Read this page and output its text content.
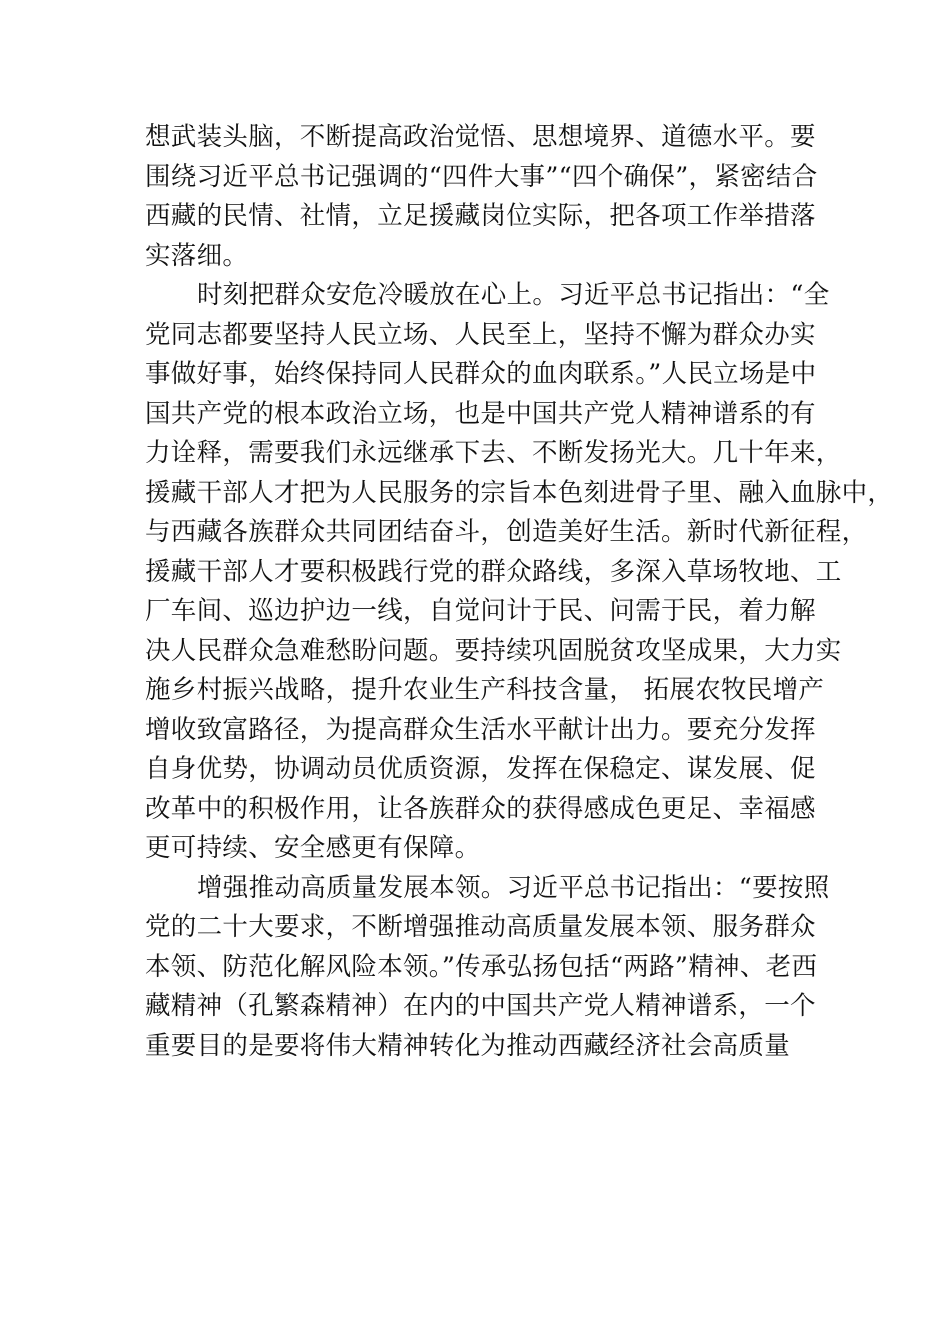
想武装头脑，不断提高政治觉悟、思想境界、道德水平。要
围绕习近平总书记强调的“四件大事”“四个确保”，紧密结合
西藏的民情、社情，立足援藏岗位实际，把各项工作举措落
实落细。
时刻把群众安危冷暖放在心上。习近平总书记指出：“全
党同志都要坚持人民立场、人民至上，坚持不懈为群众办实
事做好事，始终保持同人民群众的血肉联系。”人民立场是中
国共产党的根本政治立场，也是中国共产党人精神谱系的有
力诠释，需要我们永远继承下去、不断发扬光大。几十年来，
援藏干部人才把为人民服务的宗旨本色刻进骨子里、融入血脉中，
与西藏各族群众共同团结奋斗，创造美好生活。新时代新征程，
援藏干部人才要积极践行党的群众路线，多深入草场牧地、工
厂车间、巡边护边一线，自觉问计于民、问需于民，着力解
决人民群众急难愁盼问题。要持续巩固脱贫攻坚成果，大力实
施乡村振兴战略，提升农业生产科技含量， 拓展农牧民增产
增收致富路径，为提高群众生活水平献计出力。要充分发挥
自身优势，协调动员优质资源，发挥在保稳定、谋发展、促
改革中的积极作用，让各族群众的获得感成色更足、幸福感
更可持续、安全感更有保障。
增强推动高质量发展本领。习近平总书记指出：“要按照
党的二十大要求，不断增强推动高质量发展本领、服务群众
本领、防范化解风险本领。”传承弘扬包括“两路”精神、老西
藏精神（孔繁森精神）在内的中国共产党人精神谱系，一个
重要目的是要将伟大精神转化为推动西藏经济社会高质量
